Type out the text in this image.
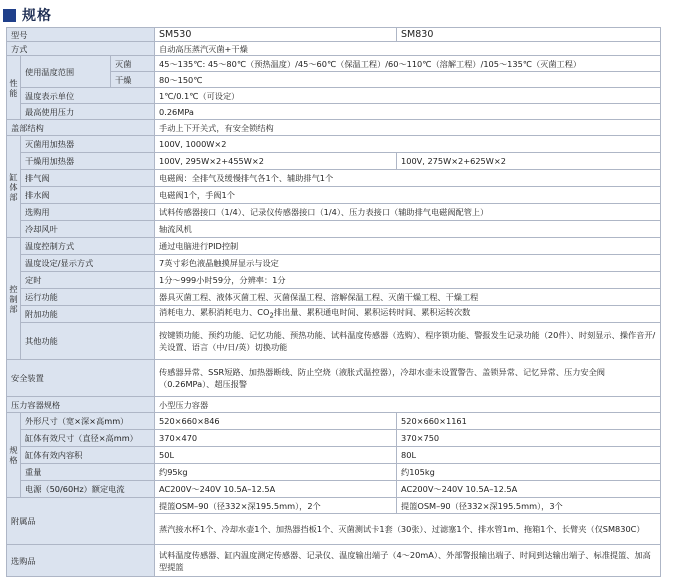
规格
型号			SM530	SM830
方式			自动高压蒸汽灭菌+干燥	
性能	使用温度范围	灭菌	45～135℃: 45～80℃（预热温度）/45～60℃（保温工程）/60～110℃（溶解工程）/105～135℃（灭菌工程）	
		干燥	80～150℃	
	温度表示单位		1℃/0.1℃（可设定）	
	最高使用压力		0.26MPa	
盖部结构			手动上下开关式，有安全锁结构	
缸体部	灭菌用加热器		100V, 1000W×2	
	干燥用加热器		100V, 295W×2+455W×2	100V, 275W×2+625W×2
	排气阀		电磁阀：全排气及缓慢排气各1个、辅助排气1个	
	排水阀		电磁阀1个，手阀1个	
	选购用		试料传感器接口（1/4）、记录仪传感器接口（1/4）、压力表接口（辅助排气电磁阀配管上）	
	冷却风叶		轴流风机	
控制部	温度控制方式		通过电脑进行PID控制	
	温度设定/显示方式		7英寸彩色液晶触摸屏显示与设定	
	定时		1分～999小时59分，分辨率：1分	
	运行功能		器具灭菌工程、液体灭菌工程、灭菌保温工程、溶解保温工程、灭菌干燥工程、干燥工程	
	附加功能		消耗电力、累积消耗电力、$CO_2$排出量、累积通电时间、累积运转时间、累积运转次数	
	其他功能		按键锁功能、预约功能、记忆功能、预热功能、试料温度传感器（选购）、程序锁功能、警报发生记录功能（20件）、时刻显示、操作音开/关设置、语言（中/日/英）切换功能	
安全装置			传感器异常、SSR短路、加热器断线、防止空烧（液胀式温控器），冷却水壶未设置警告、盖锁异常、记忆异常、压力安全阀（0.26MPa）、超压报警	
压力容器规格			小型压力容器	
规格	外形尺寸（宽×深×高mm）		520×660×846	520×660×1161
	缸体有效尺寸（直径×高mm）		370×470	370×750
	缸体有效内容积		50L	80L
	重量		约95kg	约105kg
	电源（50/60Hz）额定电流		AC200V～240V 10.5A–12.5A	AC200V～240V 10.5A–12.5A
附属品			提篮OSM–90（径332×深195.5mm），2个	提篮OSM–90（径332×深195.5mm），3个
			蒸汽接水杯1个、冷却水壶1个、加热器挡板1个、灭菌测试卡1套（30张）、过滤塞1个、排水管1m、拖箱1个、长臂夹（仅SM830C）	
选购品			试料温度传感器、缸内温度测定传感器、记录仪、温度输出端子（4～20mA）、外部警报输出端子、时间到达输出端子、标准提篮、加高型提篮	
